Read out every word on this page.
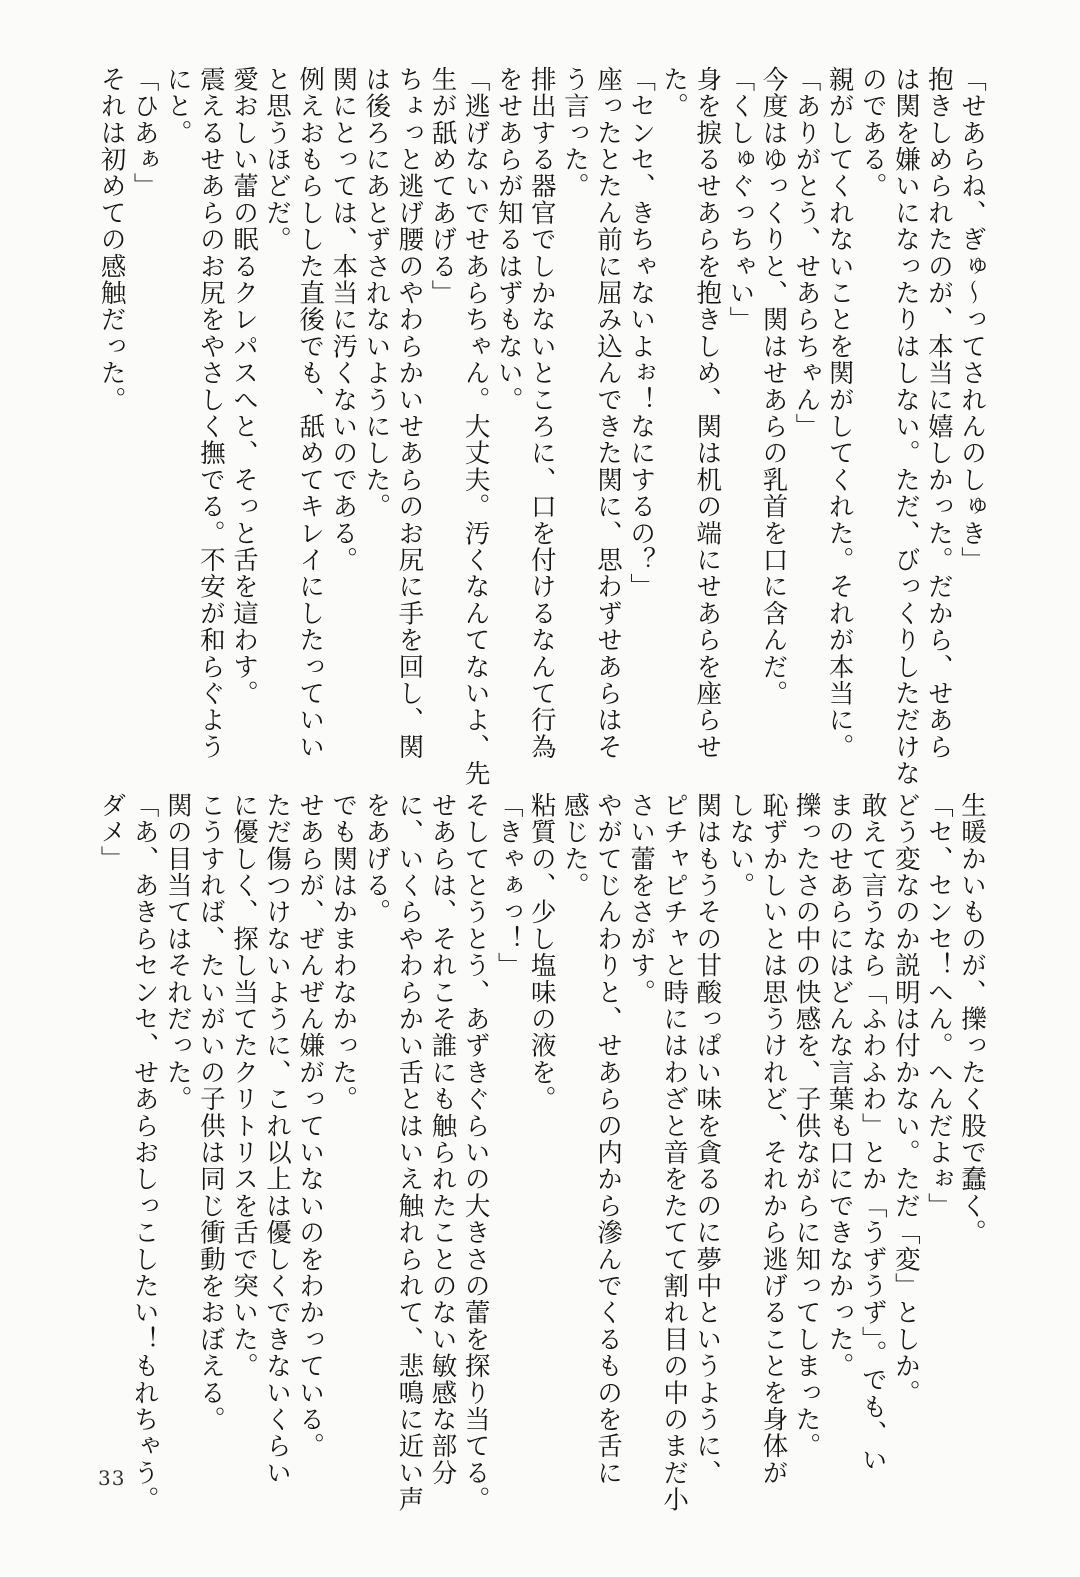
「せあらね、ぎゅ～ってされんのしゅき」
抱きしめられたのが、本当に嬉しかった。だから、せあら
は関を嫌いになったりはしない。ただ、びっくりしただけな
のである。
親がしてくれないことを関がしてくれた。それが本当に。
「ありがとう、せあらちゃん」
今度はゆっくりと、関はせあらの乳首を口に含んだ。
「くしゅぐっちゃい」
身を捩るせあらを抱きしめ、関は机の端にせあらを座らせ
た。
「センセ、きちゃないよぉ！なにするの？」
座ったとたん前に屈み込んできた関に、思わずせあらはそ
う言った。
排出する器官でしかないところに、口を付けるなんて行為
をせあらが知るはずもない。
「逃げないでせあらちゃん。大丈夫。汚くなんてないよ、先
生が舐めてあげる」
ちょっと逃げ腰のやわらかいせあらのお尻に手を回し、関
は後ろにあとずされないようにした。
関にとっては、本当に汚くないのである。
例えおもらしした直後でも、舐めてキレイにしたっていい
と思うほどだ。
愛おしい蕾の眠るクレパスへと、そっと舌を這わす。
震えるせあらのお尻をやさしく撫でる。不安が和らぐよう
にと。
「ひあぁ」
それは初めての感触だった。
生暖かいものが、擽ったく股で蠢く。
「セ、センセ！へん。へんだよぉ」
どう変なのか説明は付かない。ただ「変」としか。
敢えて言うなら「ふわふわ」とか「うずうず」。でも、い
まのせあらにはどんな言葉も口にできなかった。
擽ったさの中の快感を、子供ながらに知ってしまった。
恥ずかしいとは思うけれど、それから逃げることを身体が
しない。
関はもうその甘酸っぱい味を貪るのに夢中というように、
ピチャピチャと時にはわざと音をたてて割れ目の中のまだ小
さい蕾をさがす。
やがてじんわりと、せあらの内から滲んでくるものを舌に
感じた。
粘質の、少し塩味の液を。
「きゃぁっ！」
そしてとうとう、あずきぐらいの大きさの蕾を探り当てる。
せあらは、それこそ誰にも触られたことのない敏感な部分
に、いくらやわらかい舌とはいえ触れられて、悲鳴に近い声
をあげる。
でも関はかまわなかった。
せあらが、ぜんぜん嫌がっていないのをわかっている。
ただ傷つけないように、これ以上は優しくできないくらい
に優しく、探し当てたクリトリスを舌で突いた。
こうすれば、たいがいの子供は同じ衝動をおぼえる。
関の目当てはそれだった。
「あ、あきらセンセ、せあらおしっこしたい！もれちゃう。
ダメ」
33
